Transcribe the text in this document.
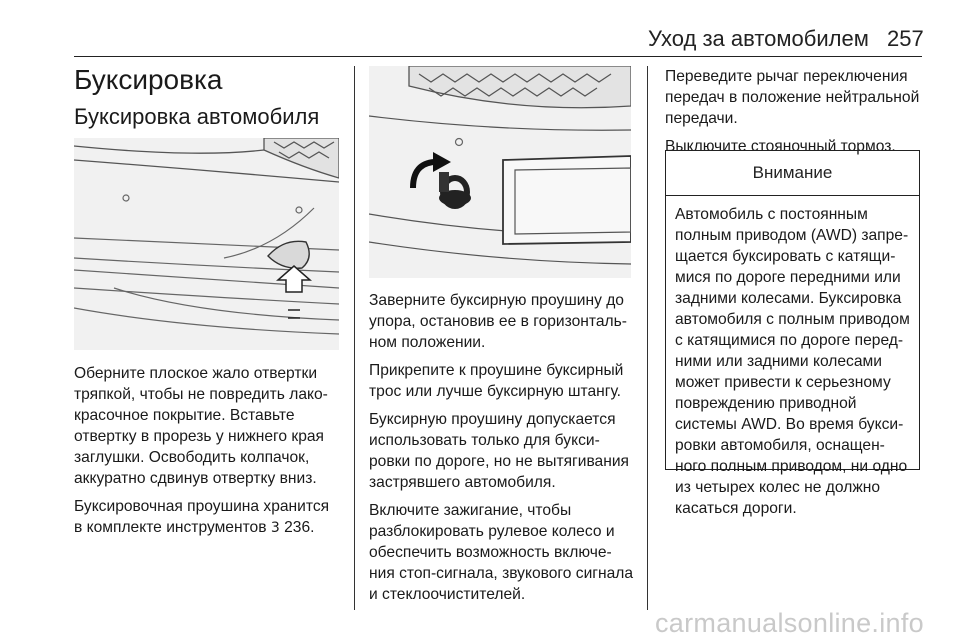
Уход за автомобилем 257
Буксировка
Буксировка автомобиля

Оберните плоское жало отвертки тряпкой, чтобы не повредить лако-красочное покрытие. Вставьте отвертку в прорезь у нижнего края заглушки. Освободить колпачок, аккуратно сдвинув отвертку вниз.

Буксировочная проушина хранится в комплекте инструментов 3 236.

Заверните буксирную проушину до упора, остановив ее в горизонталь-ном положении.

Прикрепите к проушине буксирный трос или лучше буксирную штангу.

Буксирную проушину допускается использовать только для букси-ровки по дороге, но не вытягивания застрявшего автомобиля.

Включите зажигание, чтобы разблокировать рулевое колесо и обеспечить возможность включе-ния стоп-сигнала, звукового сигнала и стеклоочистителей.

Переведите рычаг переключения передач в положение нейтральной передачи.

Выключите стояночный тормоз.

Внимание
Автомобиль с постоянным полным приводом (AWD) запре-щается буксировать с катящи-мися по дороге передними или задними колесами. Буксировка автомобиля с полным приводом с катящимися по дороге перед-ними или задними колесами может привести к серьезному повреждению приводной системы AWD. Во время букси-ровки автомобиля, оснащен-ного полным приводом, ни одно из четырех колес не должно касаться дороги.
carmanualsonline.info
